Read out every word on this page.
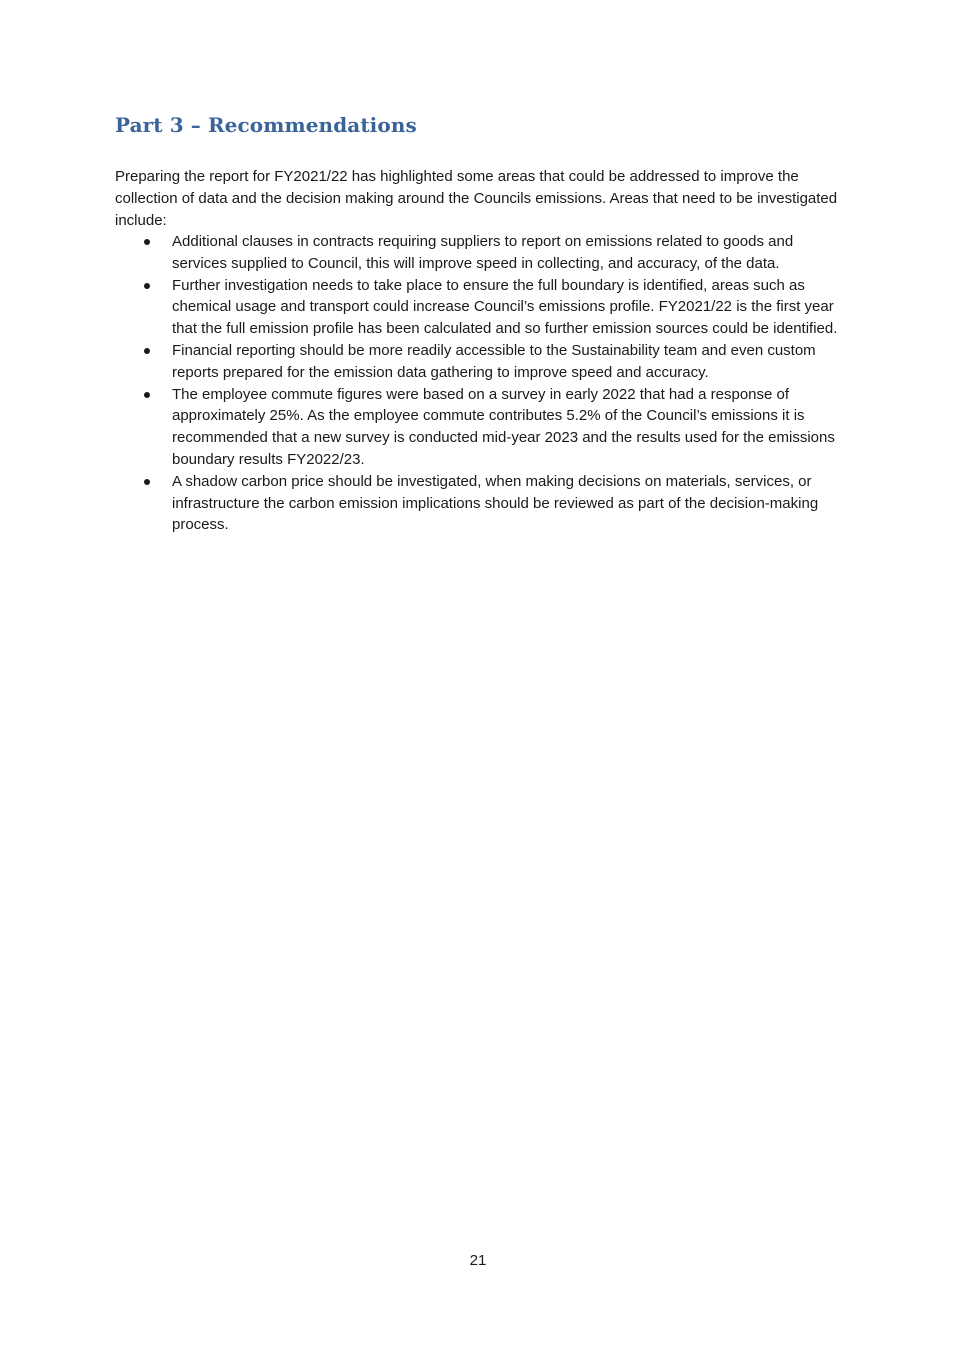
Part 3 – Recommendations

Preparing the report for FY2021/22 has highlighted some areas that could be addressed to improve the collection of data and the decision making around the Councils emissions. Areas that need to be investigated include:

Additional clauses in contracts requiring suppliers to report on emissions related to goods and services supplied to Council, this will improve speed in collecting, and accuracy, of the data.
Further investigation needs to take place to ensure the full boundary is identified, areas such as chemical usage and transport could increase Council’s emissions profile. FY2021/22 is the first year that the full emission profile has been calculated and so further emission sources could be identified.
Financial reporting should be more readily accessible to the Sustainability team and even custom reports prepared for the emission data gathering to improve speed and accuracy.
The employee commute figures were based on a survey in early 2022 that had a response of approximately 25%. As the employee commute contributes 5.2% of the Council’s emissions it is recommended that a new survey is conducted mid-year 2023 and the results used for the emissions boundary results FY2022/23.
A shadow carbon price should be investigated, when making decisions on materials, services, or infrastructure the carbon emission implications should be reviewed as part of the decision-making process.
21
